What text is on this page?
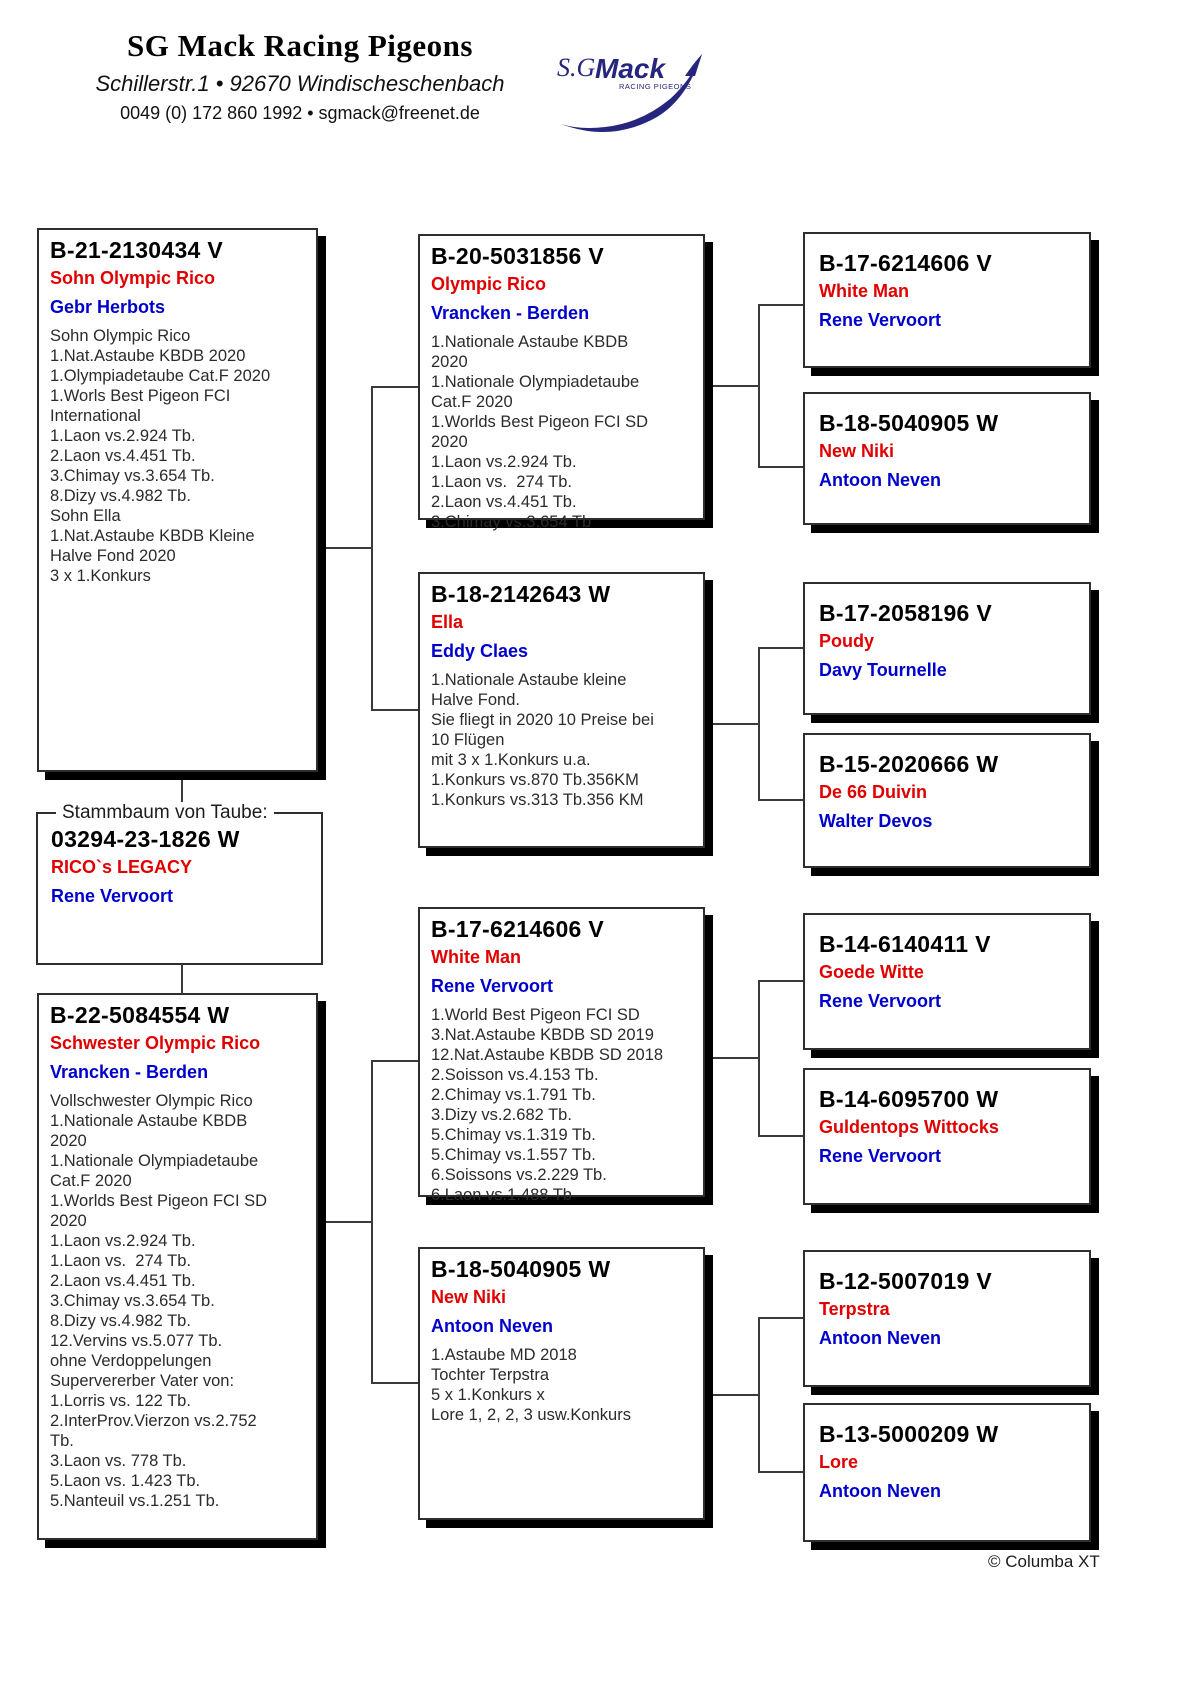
SG Mack Racing Pigeons
Schillerstr.1 • 92670 Windischeschenbach
0049 (0) 172 860 1992 • sgmack@freenet.de
S.G.
Mack
RACING PIGEONS
B-21-2130434 V
Sohn Olympic Rico
Gebr Herbots
Sohn Olympic Rico
1.Nat.Astaube KBDB 2020
1.Olympiadetaube Cat.F 2020
1.Worls Best Pigeon FCI
International
1.Laon vs.2.924 Tb.
2.Laon vs.4.451 Tb.
3.Chimay vs.3.654 Tb.
8.Dizy vs.4.982 Tb.
Sohn Ella
1.Nat.Astaube KBDB Kleine
Halve Fond 2020
3 x 1.Konkurs
Stammbaum von Taube:
03294-23-1826 W
RICO`s LEGACY
Rene Vervoort
B-22-5084554 W
Schwester Olympic Rico
Vrancken - Berden
Vollschwester Olympic Rico
1.Nationale Astaube KBDB
2020
1.Nationale Olympiadetaube
Cat.F 2020
1.Worlds Best Pigeon FCI SD
2020
1.Laon vs.2.924 Tb.
1.Laon vs.  274 Tb.
2.Laon vs.4.451 Tb.
3.Chimay vs.3.654 Tb.
8.Dizy vs.4.982 Tb.
12.Vervins vs.5.077 Tb.
ohne Verdoppelungen
Supervererber Vater von:
1.Lorris vs. 122 Tb.
2.InterProv.Vierzon vs.2.752
Tb.
3.Laon vs. 778 Tb.
5.Laon vs. 1.423 Tb.
5.Nanteuil vs.1.251 Tb.
B-20-5031856 V
Olympic Rico
Vrancken - Berden
1.Nationale Astaube KBDB
2020
1.Nationale Olympiadetaube
Cat.F 2020
1.Worlds Best Pigeon FCI SD
2020
1.Laon vs.2.924 Tb.
1.Laon vs.  274 Tb.
2.Laon vs.4.451 Tb.
3.Chimay vs.3.654 Tb
B-18-2142643 W
Ella
Eddy Claes
1.Nationale Astaube kleine
Halve Fond.
Sie fliegt in 2020 10 Preise bei
10 Flügen
mit 3 x 1.Konkurs u.a.
1.Konkurs vs.870 Tb.356KM
1.Konkurs vs.313 Tb.356 KM
B-17-6214606 V
White Man
Rene Vervoort
1.World Best Pigeon FCI SD
3.Nat.Astaube KBDB SD 2019
12.Nat.Astaube KBDB SD 2018
2.Soisson vs.4.153 Tb.
2.Chimay vs.1.791 Tb.
3.Dizy vs.2.682 Tb.
5.Chimay vs.1.319 Tb.
5.Chimay vs.1.557 Tb.
6.Soissons vs.2.229 Tb.
6.Laon vs.1.488 Tb
B-18-5040905 W
New Niki
Antoon Neven
1.Astaube MD 2018
Tochter Terpstra
5 x 1.Konkurs x
Lore 1, 2, 2, 3 usw.Konkurs
B-17-6214606 V
White Man
Rene Vervoort
B-18-5040905 W
New Niki
Antoon Neven
B-17-2058196 V
Poudy
Davy Tournelle
B-15-2020666 W
De 66 Duivin
Walter Devos
B-14-6140411 V
Goede Witte
Rene Vervoort
B-14-6095700 W
Guldentops Wittocks
Rene Vervoort
B-12-5007019 V
Terpstra
Antoon Neven
B-13-5000209 W
Lore
Antoon Neven
© Columba XT
